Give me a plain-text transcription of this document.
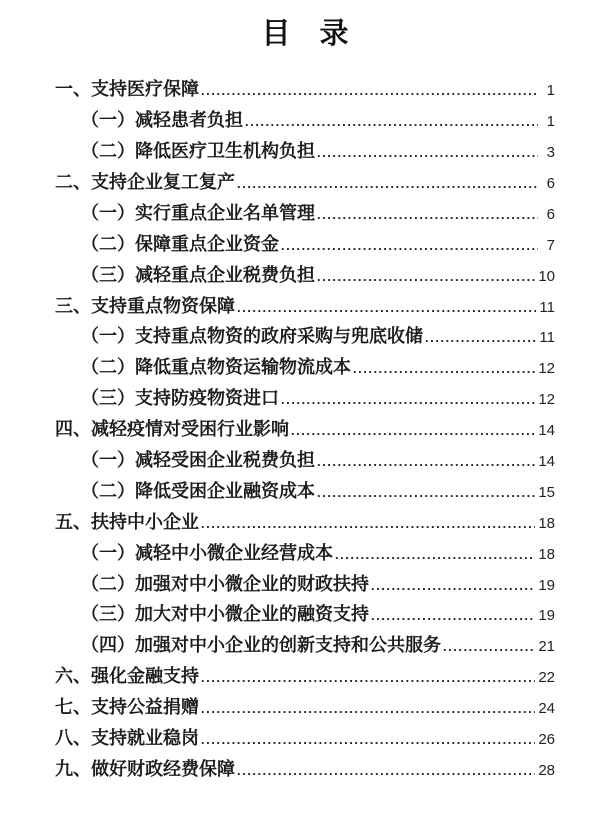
目　录
一、支持医疗保障 .....	1
（一）减轻患者负担 .....	1
（二）降低医疗卫生机构负担 .....	3
二、支持企业复工复产 .....	6
（一）实行重点企业名单管理 .....	6
（二）保障重点企业资金 .....	7
（三）减轻重点企业税费负担 .....	10
三、支持重点物资保障 .....	11
（一）支持重点物资的政府采购与兜底收储 .....	11
（二）降低重点物资运输物流成本 .....	12
（三）支持防疫物资进口 .....	12
四、减轻疫情对受困行业影响 .....	14
（一）减轻受困企业税费负担 .....	14
（二）降低受困企业融资成本 .....	15
五、扶持中小企业 .....	18
（一）减轻中小微企业经营成本 .....	18
（二）加强对中小微企业的财政扶持 .....	19
（三）加大对中小微企业的融资支持 .....	19
（四）加强对中小企业的创新支持和公共服务 .....	21
六、强化金融支持 .....	22
七、支持公益捐赠 .....	24
八、支持就业稳岗 .....	26
九、做好财政经费保障 .....	28
